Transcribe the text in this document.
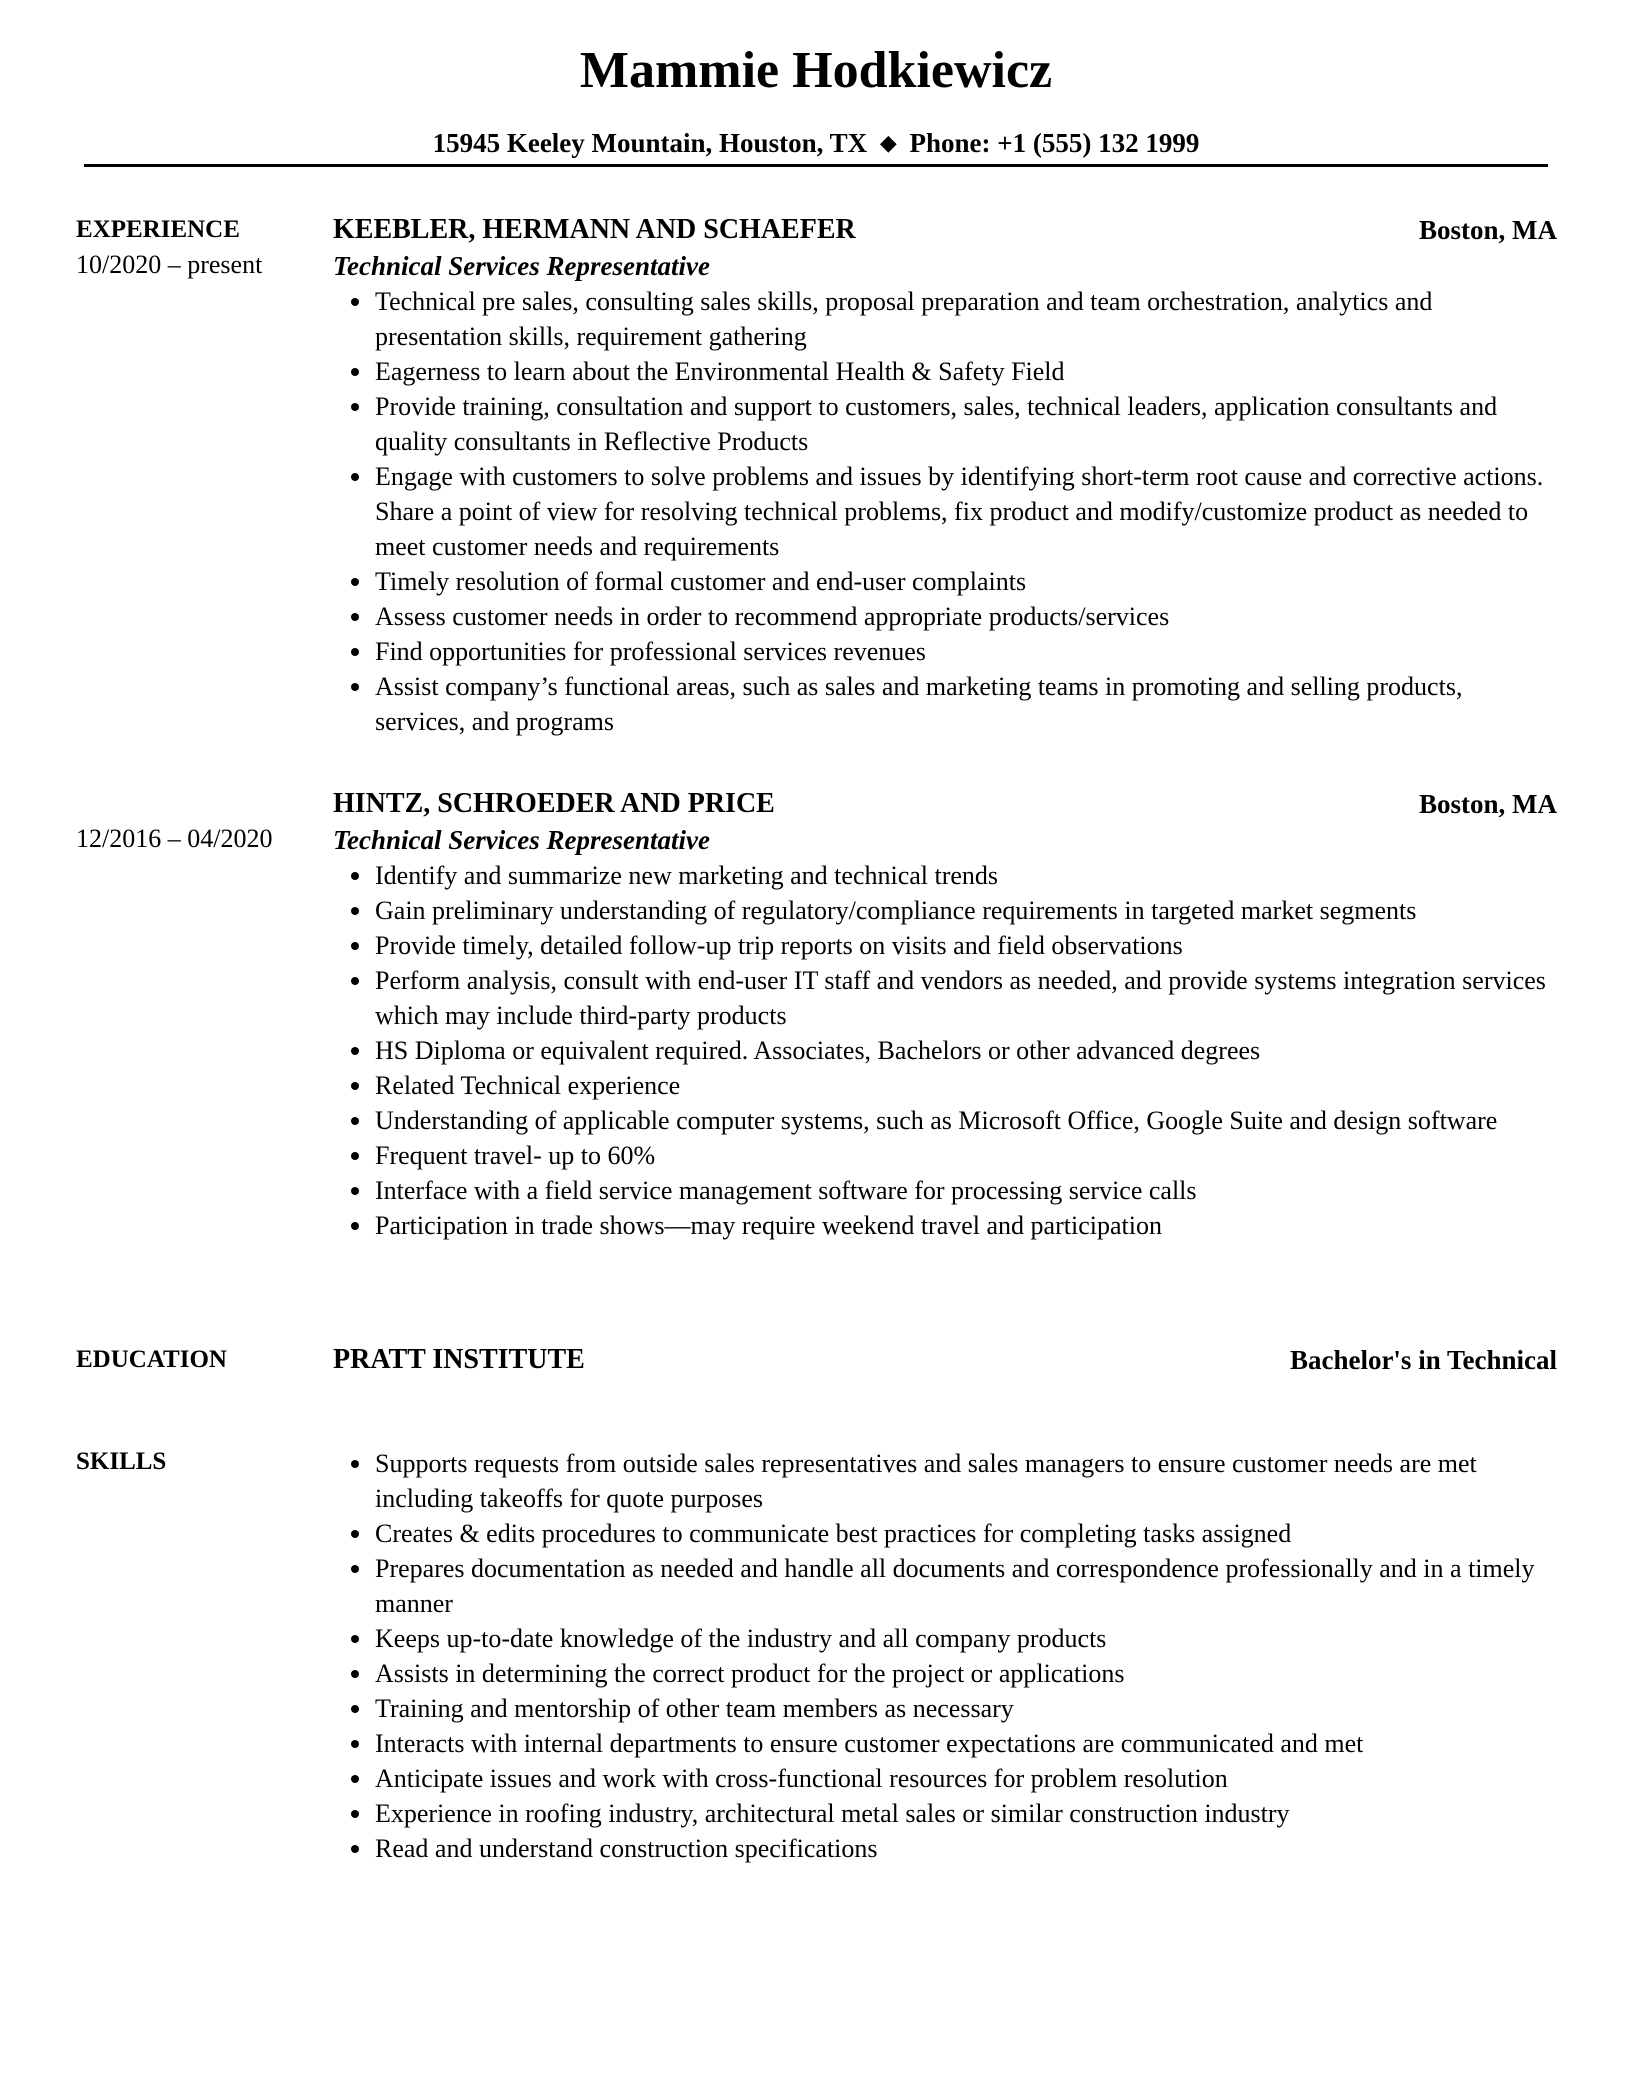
Mammie Hodkiewicz
15945 Keeley Mountain, Houston, TX ◆ Phone: +1 (555) 132 1999
EXPERIENCE
10/2020 – present
KEEBLER, HERMANN AND SCHAEFER	Boston, MA
Technical Services Representative
Technical pre sales, consulting sales skills, proposal preparation and team orchestration, analytics and presentation skills, requirement gathering
Eagerness to learn about the Environmental Health & Safety Field
Provide training, consultation and support to customers, sales, technical leaders, application consultants and quality consultants in Reflective Products
Engage with customers to solve problems and issues by identifying short-term root cause and corrective actions. Share a point of view for resolving technical problems, fix product and modify/customize product as needed to meet customer needs and requirements
Timely resolution of formal customer and end-user complaints
Assess customer needs in order to recommend appropriate products/services
Find opportunities for professional services revenues
Assist company’s functional areas, such as sales and marketing teams in promoting and selling products, services, and programs
HINTZ, SCHROEDER AND PRICE	Boston, MA
12/2016 – 04/2020 Technical Services Representative
Identify and summarize new marketing and technical trends
Gain preliminary understanding of regulatory/compliance requirements in targeted market segments
Provide timely, detailed follow-up trip reports on visits and field observations
Perform analysis, consult with end-user IT staff and vendors as needed, and provide systems integration services which may include third-party products
HS Diploma or equivalent required. Associates, Bachelors or other advanced degrees
Related Technical experience
Understanding of applicable computer systems, such as Microsoft Office, Google Suite and design software
Frequent travel- up to 60%
Interface with a field service management software for processing service calls
Participation in trade shows—may require weekend travel and participation
EDUCATION	PRATT INSTITUTE	Bachelor's in Technical
SKILLS	Supports requests from outside sales representatives and sales managers to ensure customer needs are met including takeoffs for quote purposes
Creates & edits procedures to communicate best practices for completing tasks assigned
Prepares documentation as needed and handle all documents and correspondence professionally and in a timely manner
Keeps up-to-date knowledge of the industry and all company products
Assists in determining the correct product for the project or applications
Training and mentorship of other team members as necessary
Interacts with internal departments to ensure customer expectations are communicated and met
Anticipate issues and work with cross-functional resources for problem resolution
Experience in roofing industry, architectural metal sales or similar construction industry
Read and understand construction specifications
